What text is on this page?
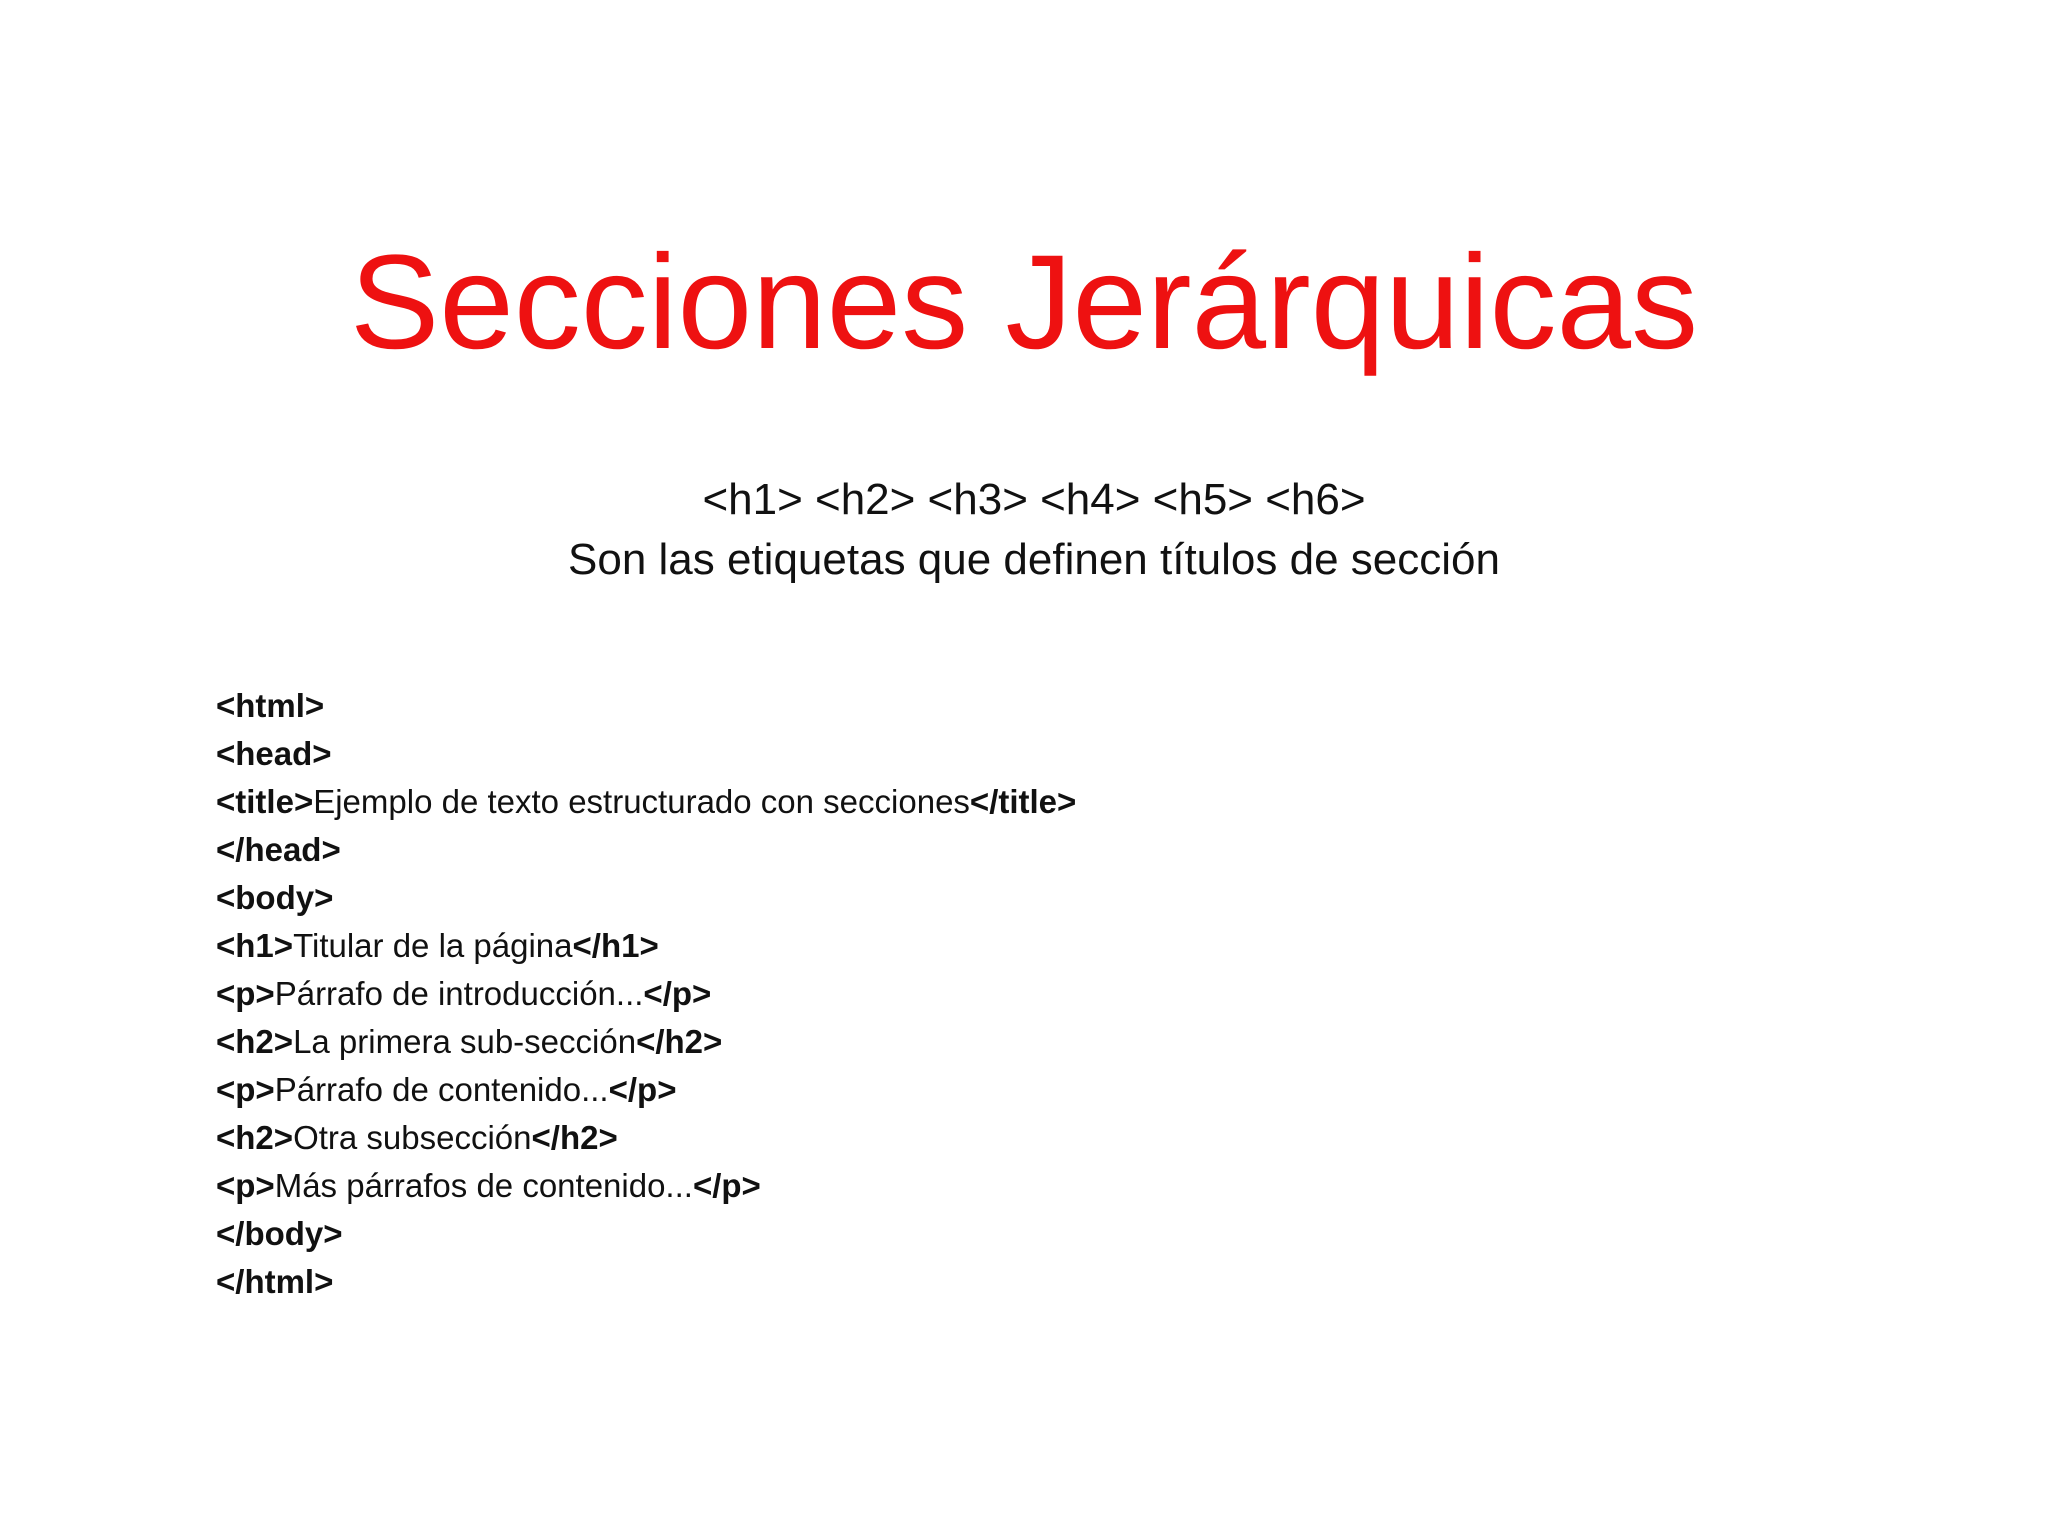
Secciones Jerárquicas
<h1> <h2> <h3> <h4> <h5> <h6>
Son las etiquetas que definen títulos de sección
<html>
<head>
<title>Ejemplo de texto estructurado con secciones</title>
</head>
<body>
<h1>Titular de la página</h1>
<p>Párrafo de introducción...</p>
<h2>La primera sub-sección</h2>
<p>Párrafo de contenido...</p>
<h2>Otra subsección</h2>
<p>Más párrafos de contenido...</p>
</body>
</html>
